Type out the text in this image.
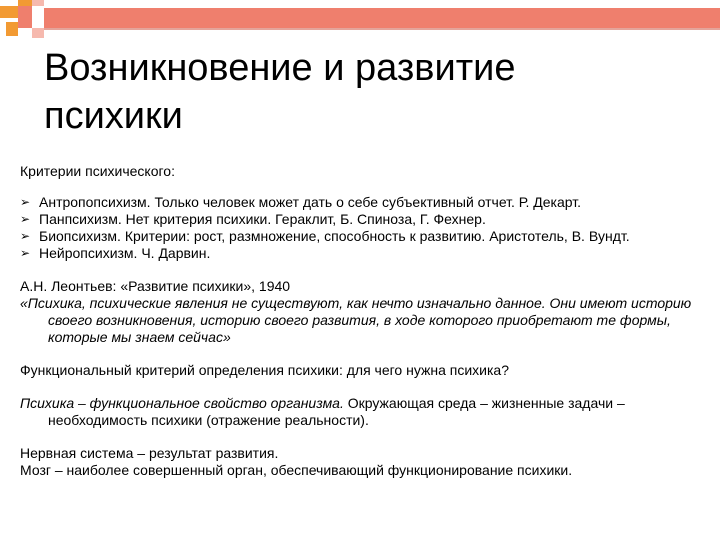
Возникновение и развитие
психики

Критерии психического:

➢ Антропопсихизм. Только человек может дать о себе субъективный отчет. Р. Декарт.
➢ Панпсихизм. Нет критерия психики. Гераклит, Б. Спиноза, Г. Фехнер.
➢ Биопсихизм. Критерии: рост, размножение, способность к развитию. Аристотель, В. Вундт.
➢ Нейропсихизм. Ч. Дарвин.

А.Н. Леонтьев: «Развитие психики», 1940

«Психика, психические явления не существуют, как нечто изначально данное. Они имеют историю своего возникновения, историю своего развития, в ходе которого приобретают те формы, которые мы знаем сейчас»

Функциональный критерий определения психики: для чего нужна психика?

Психика – функциональное свойство организма. Окружающая среда – жизненные задачи – необходимость психики (отражение реальности).

Нервная система – результат развития.

Мозг – наиболее совершенный орган, обеспечивающий функционирование психики.
